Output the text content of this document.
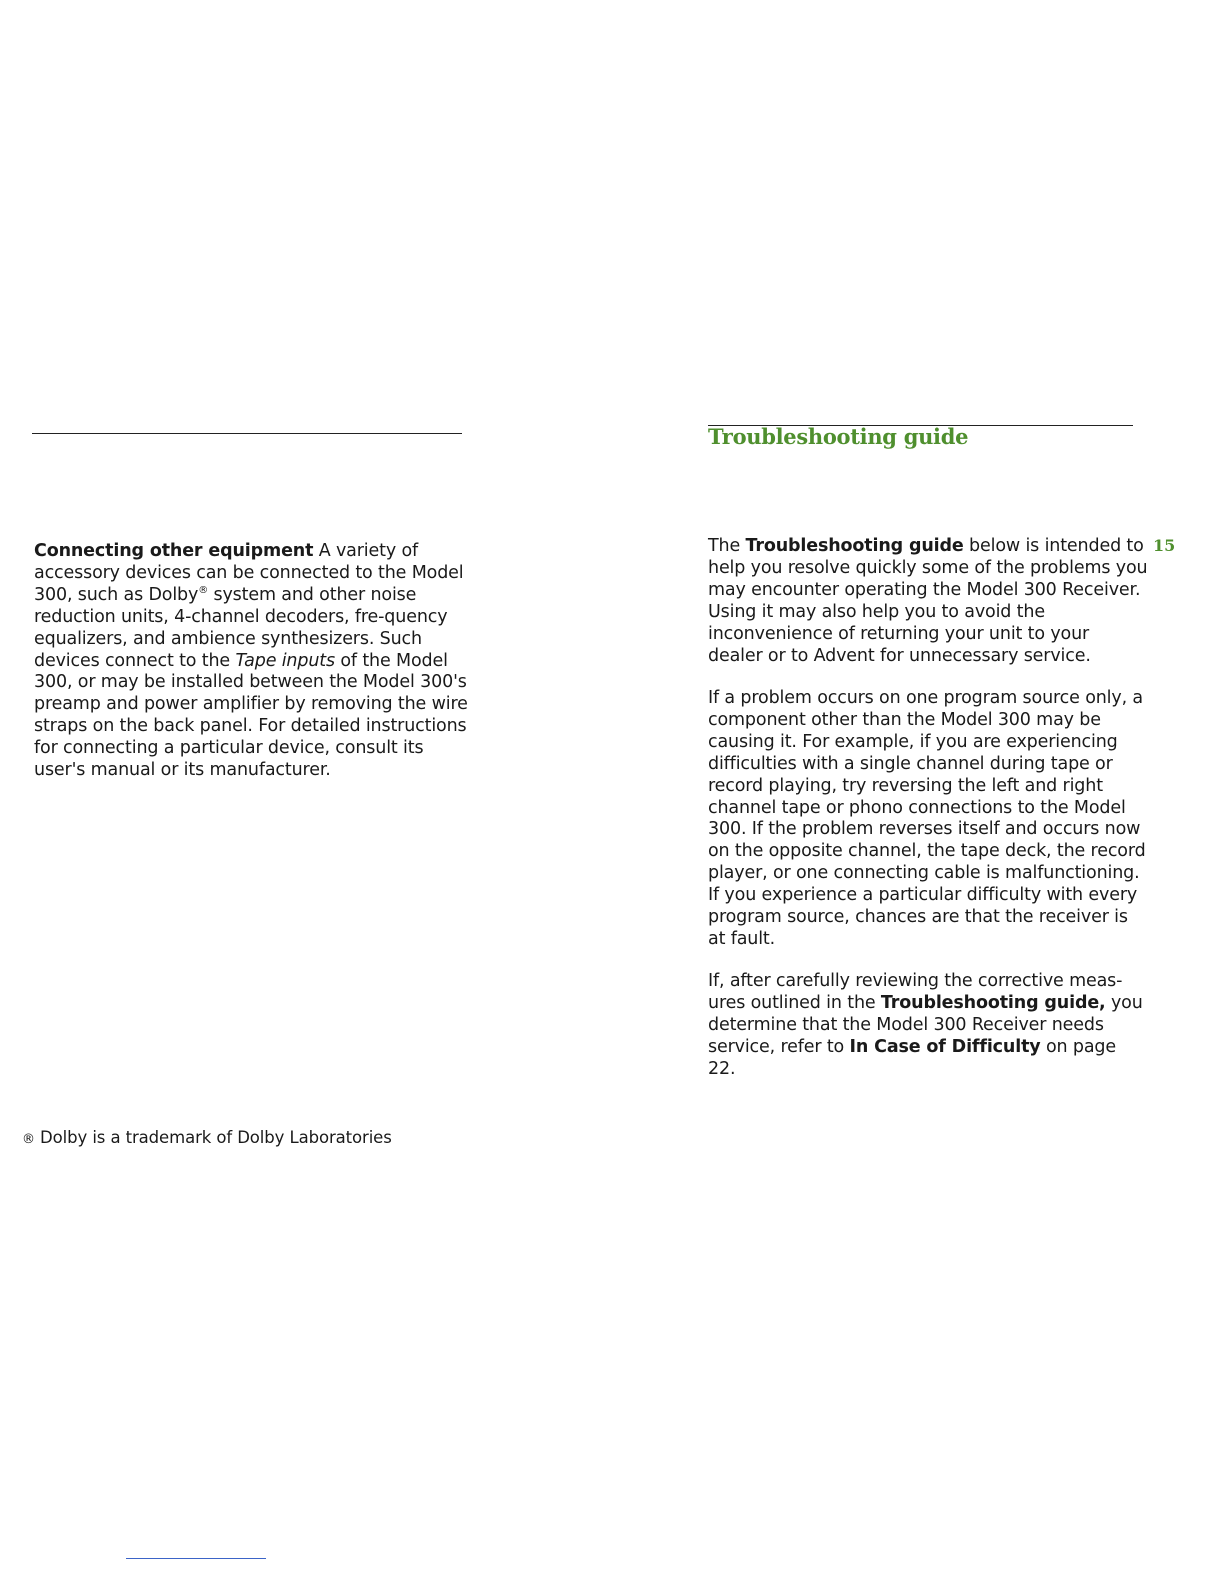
Troubleshooting guide
15

Connecting other equipment A variety of accessory devices can be connected to the Model 300, such as Dolby® system and other noise reduction units, 4-channel decoders, fre-quency equalizers, and ambience synthesizers. Such devices connect to the Tape inputs of the Model 300, or may be installed between the Model 300's preamp and power amplifier by removing the wire straps on the back panel. For detailed instructions for connecting a particular device, consult its user's manual or its manufacturer.

The Troubleshooting guide below is intended to help you resolve quickly some of the problems you may encounter operating the Model 300 Receiver. Using it may also help you to avoid the inconvenience of returning your unit to your dealer or to Advent for unnecessary service.

If a problem occurs on one program source only, a component other than the Model 300 may be causing it. For example, if you are experiencing difficulties with a single channel during tape or record playing, try reversing the left and right channel tape or phono connections to the Model 300. If the problem reverses itself and occurs now on the opposite channel, the tape deck, the record player, or one connecting cable is malfunctioning. If you experience a particular difficulty with every program source, chances are that the receiver is at fault.

If, after carefully reviewing the corrective meas-ures outlined in the Troubleshooting guide, you determine that the Model 300 Receiver needs service, refer to In Case of Difficulty on page 22.

® Dolby is a trademark of Dolby Laboratories
